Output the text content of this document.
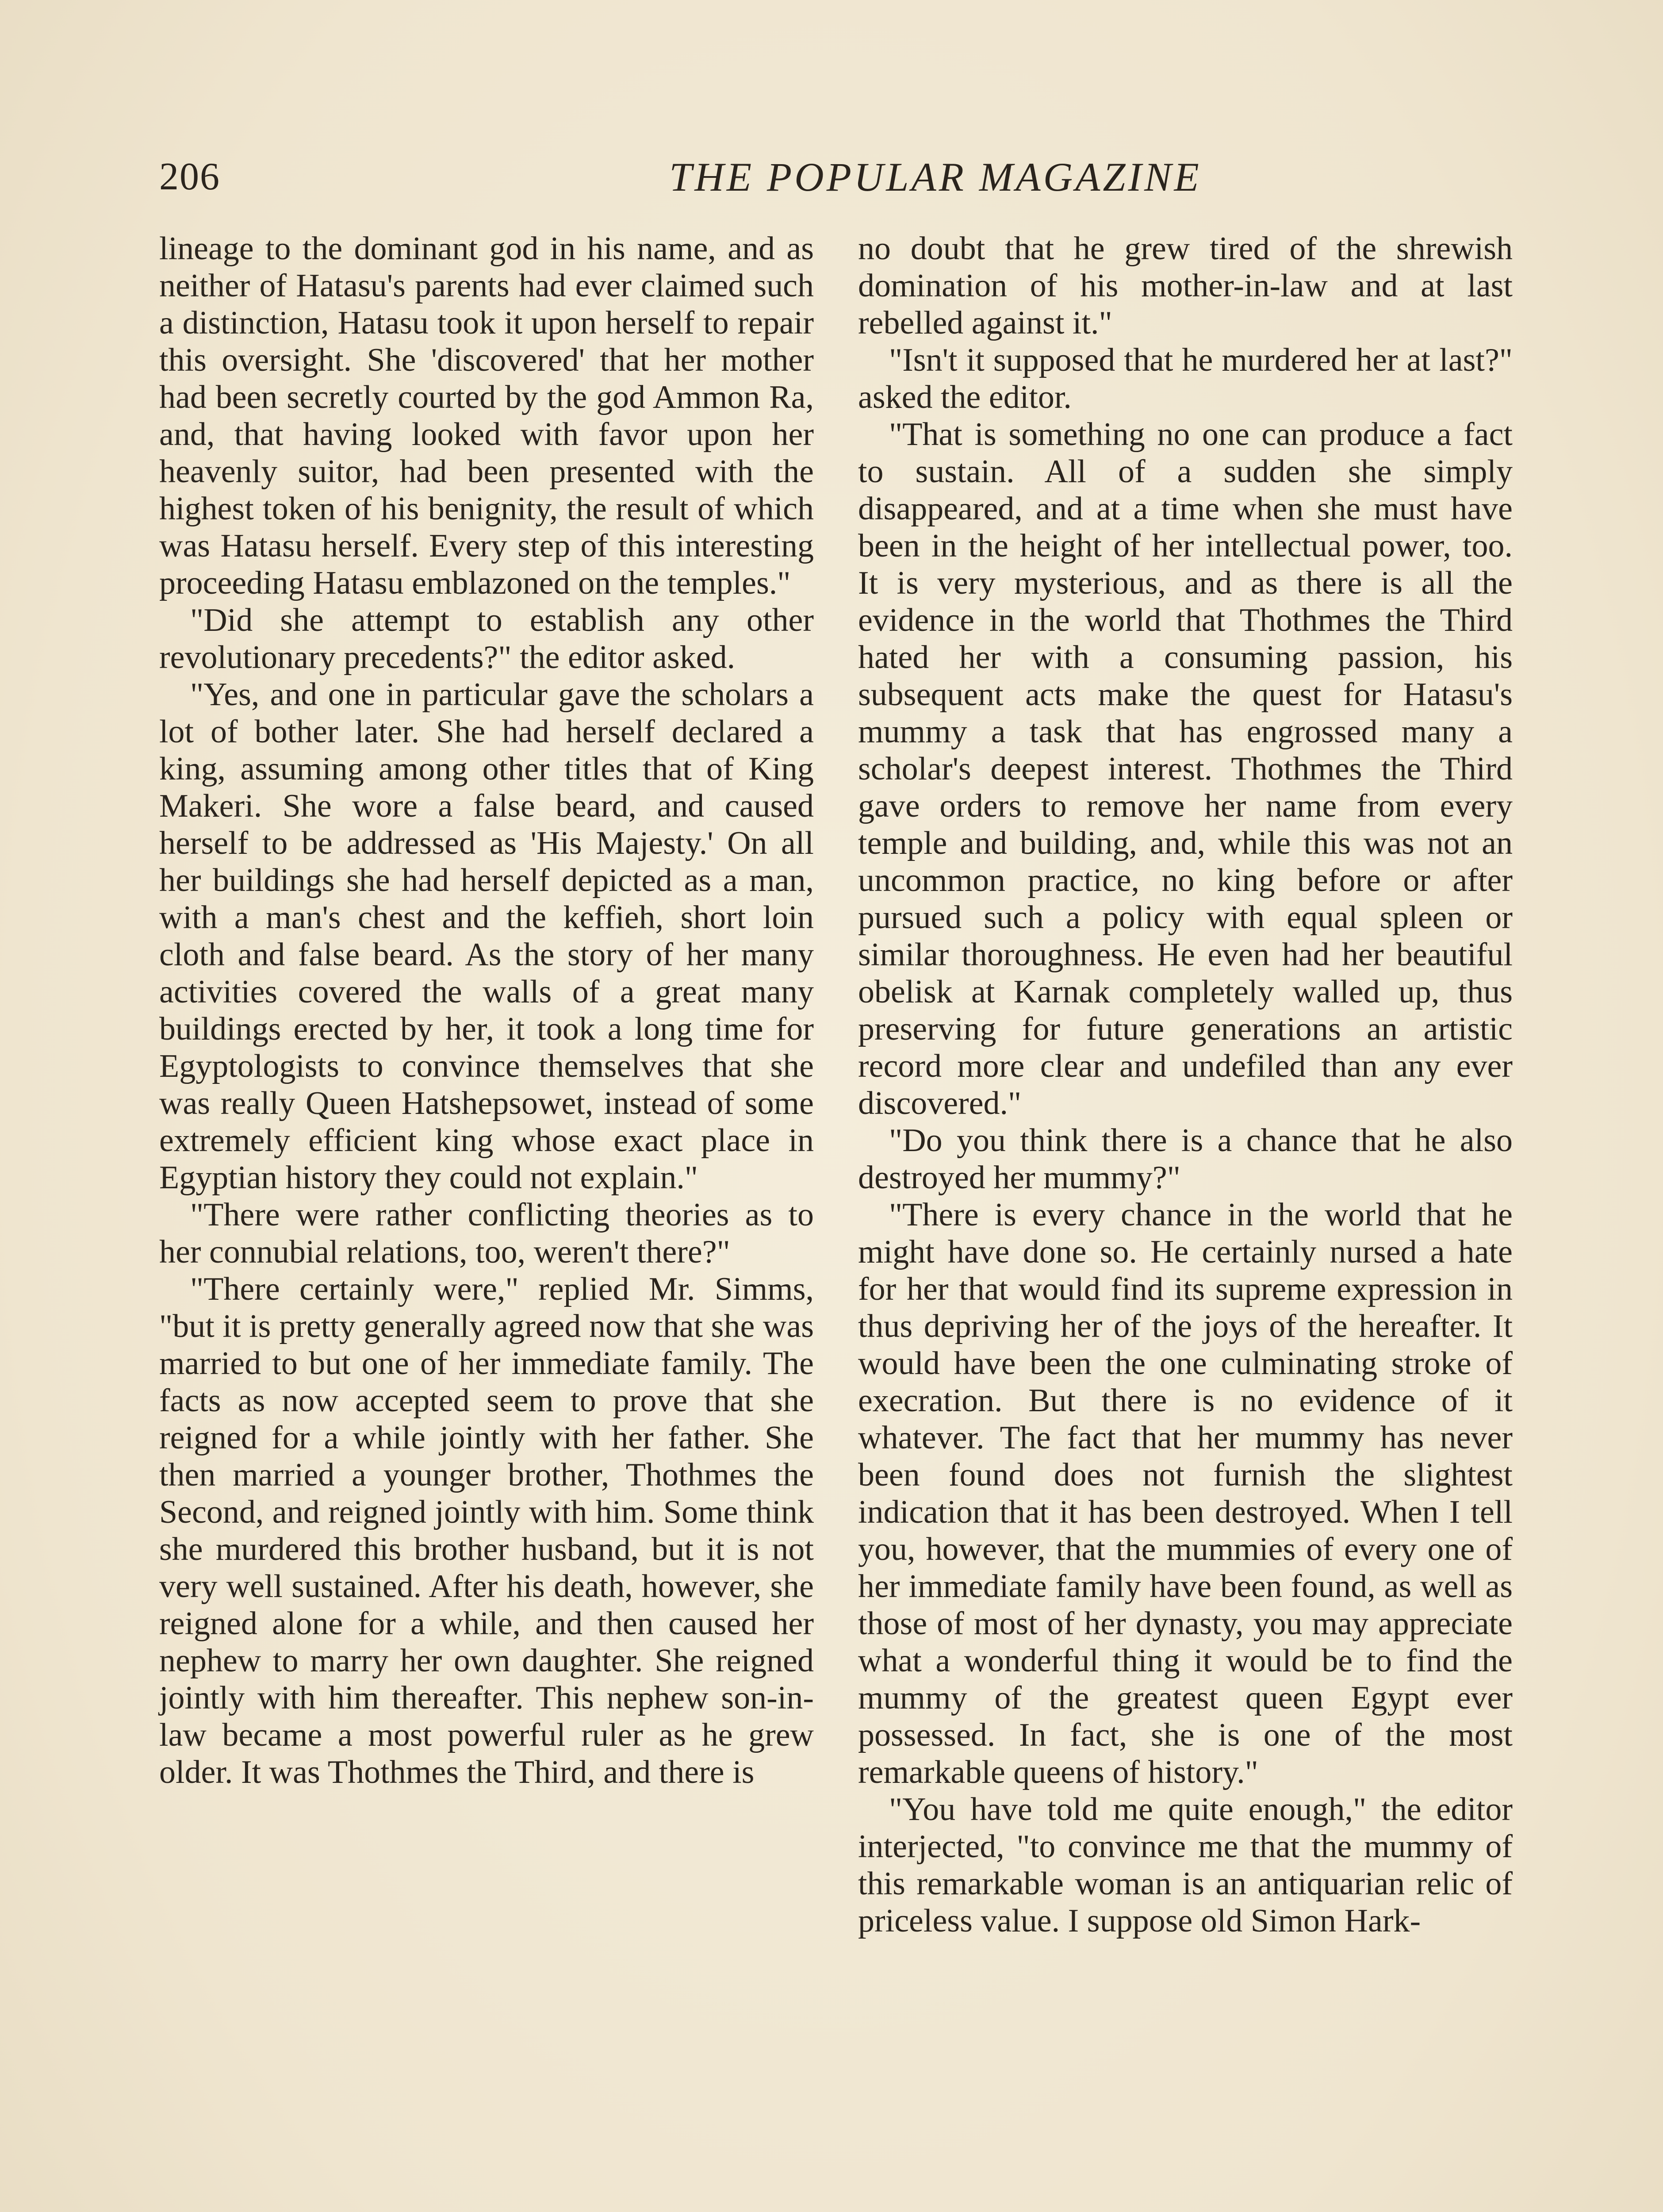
206	THE POPULAR MAGAZINE

lineage to the dominant god in his name, and as neither of Hatasu's parents had ever claimed such a distinction, Hatasu took it upon herself to repair this oversight. She 'discovered' that her mother had been secretly courted by the god Ammon Ra, and, that having looked with favor upon her heavenly suitor, had been presented with the highest token of his benignity, the result of which was Hatasu herself. Every step of this interesting proceeding Hatasu emblazoned on the temples."

"Did she attempt to establish any other revolutionary precedents?" the editor asked.

"Yes, and one in particular gave the scholars a lot of bother later. She had herself declared a king, assuming among other titles that of King Makeri. She wore a false beard, and caused herself to be addressed as 'His Majesty.' On all her buildings she had herself depicted as a man, with a man's chest and the keffieh, short loin cloth and false beard. As the story of her many activities covered the walls of a great many buildings erected by her, it took a long time for Egyptologists to convince themselves that she was really Queen Hatshepsowet, instead of some extremely efficient king whose exact place in Egyptian history they could not explain."

"There were rather conflicting theories as to her connubial relations, too, weren't there?"

"There certainly were," replied Mr. Simms, "but it is pretty generally agreed now that she was married to but one of her immediate family. The facts as now accepted seem to prove that she reigned for a while jointly with her father. She then married a younger brother, Thothmes the Second, and reigned jointly with him. Some think she murdered this brother husband, but it is not very well sustained. After his death, however, she reigned alone for a while, and then caused her nephew to marry her own daughter. She reigned jointly with him thereafter. This nephew son-in-law became a most powerful ruler as he grew older. It was Thothmes the Third, and there is

no doubt that he grew tired of the shrewish domination of his mother-in-law and at last rebelled against it."

"Isn't it supposed that he murdered her at last?" asked the editor.

"That is something no one can produce a fact to sustain. All of a sudden she simply disappeared, and at a time when she must have been in the height of her intellectual power, too. It is very mysterious, and as there is all the evidence in the world that Thothmes the Third hated her with a consuming passion, his subsequent acts make the quest for Hatasu's mummy a task that has engrossed many a scholar's deepest interest. Thothmes the Third gave orders to remove her name from every temple and building, and, while this was not an uncommon practice, no king before or after pursued such a policy with equal spleen or similar thoroughness. He even had her beautiful obelisk at Karnak completely walled up, thus preserving for future generations an artistic record more clear and undefiled than any ever discovered."

"Do you think there is a chance that he also destroyed her mummy?"

"There is every chance in the world that he might have done so. He certainly nursed a hate for her that would find its supreme expression in thus depriving her of the joys of the hereafter. It would have been the one culminating stroke of execration. But there is no evidence of it whatever. The fact that her mummy has never been found does not furnish the slightest indication that it has been destroyed. When I tell you, however, that the mummies of every one of her immediate family have been found, as well as those of most of her dynasty, you may appreciate what a wonderful thing it would be to find the mummy of the greatest queen Egypt ever possessed. In fact, she is one of the most remarkable queens of history."

"You have told me quite enough," the editor interjected, "to convince me that the mummy of this remarkable woman is an antiquarian relic of priceless value. I suppose old Simon Hark-
